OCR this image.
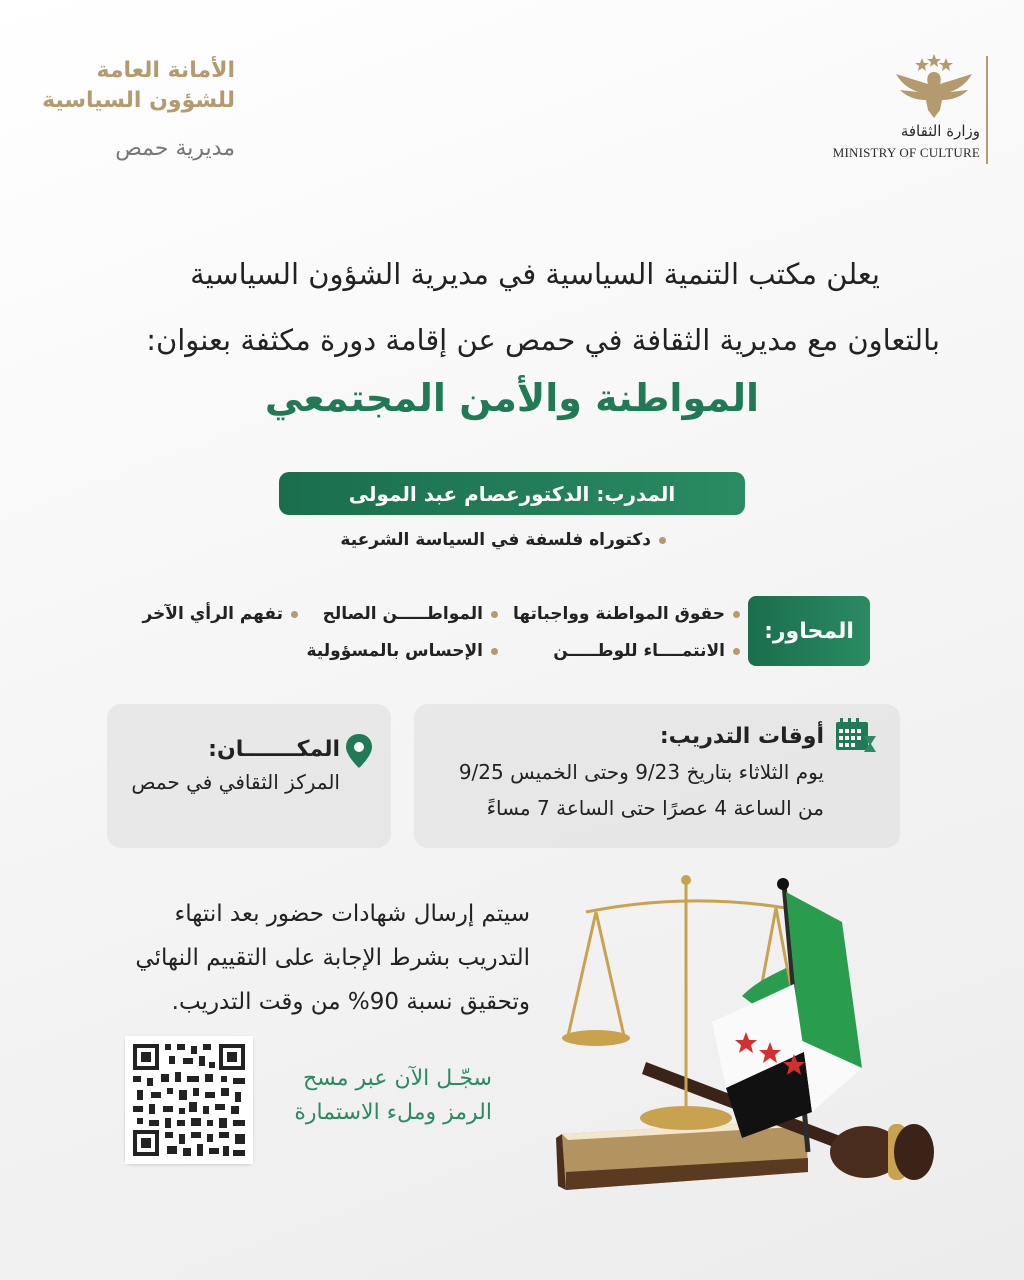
الأمانة العامة
للشؤون السياسية
مديرية حمص
وزارة الثقافة
MINISTRY OF CULTURE
يعلن مكتب التنمية السياسية في مديرية الشؤون السياسية
بالتعاون مع مديرية الثقافة في حمص عن إقامة دورة مكثفة بعنوان:
المواطنة والأمن المجتمعي
المدرب: الدكتورعصام عبد المولى
دكتوراه فلسفة في السياسة الشرعية
المحاور:
حقوق المواطنة وواجباتها
المواطـــــن الصالح
تفهم الرأي الآخر
الانتمــــاء للوطـــــن
الإحساس بالمسؤولية
أوقات التدريب:
يوم الثلاثاء بتاريخ 9/23 وحتى الخميس 9/25
من الساعة 4 عصرًا حتى الساعة 7 مساءً
المكـــــــان:
المركز الثقافي في حمص
سيتم إرسال شهادات حضور بعد انتهاء
التدريب بشرط الإجابة على التقييم النهائي
وتحقيق نسبة 90% من وقت التدريب.
سجّـل الآن عبر مسح
الرمز وملء الاستمارة
